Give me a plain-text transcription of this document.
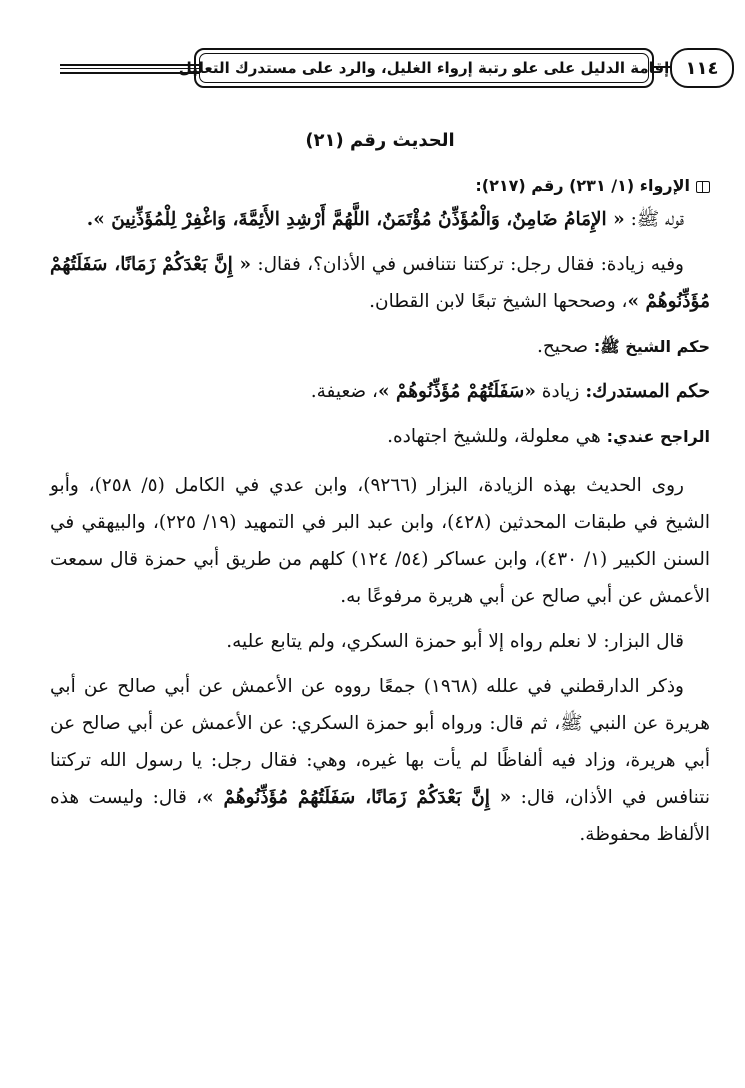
إقامة الدليل على علو رتبة إرواء الغليل، والرد على مستدرك التعليل ١١٤
الحديث رقم (٢١)

الإرواء (١/ ٢٣١) رقم (٢١٧):

قوله ﷺ: « الإِمَامُ ضَامِنٌ، وَالْمُؤَذِّنُ مُؤْتَمَنٌ، اللَّهُمَّ أَرْشِدِ الأَئِمَّةَ، وَاغْفِرْ لِلْمُؤَذِّنِينَ ».

وفيه زيادة: فقال رجل: تركتنا نتنافس في الأذان؟، فقال: « إِنَّ بَعْدَكُمْ زَمَانًا، سَفَلَتُهُمْ مُؤَذِّنُوهُمْ »، وصححها الشيخ تبعًا لابن القطان.

حكم الشيخ ﷺ: صحيح.

حكم المستدرك: زيادة «سَفَلَتُهُمْ مُؤَذِّنُوهُمْ »، ضعيفة.

الراجح عندي: هي معلولة، وللشيخ اجتهاده.

روى الحديث بهذه الزيادة، البزار (٩٢٦٦)، وابن عدي في الكامل (٥/ ٢٥٨)، وأبو الشيخ في طبقات المحدثين (٤٢٨)، وابن عبد البر في التمهيد (١٩/ ٢٢٥)، والبيهقي في السنن الكبير (١/ ٤٣٠)، وابن عساكر (٥٤/ ١٢٤) كلهم من طريق أبي حمزة قال سمعت الأعمش عن أبي صالح عن أبي هريرة مرفوعًا به.

قال البزار: لا نعلم رواه إلا أبو حمزة السكري، ولم يتابع عليه.

وذكر الدارقطني في علله (١٩٦٨) جمعًا رووه عن الأعمش عن أبي صالح عن أبي هريرة عن النبي ﷺ، ثم قال: ورواه أبو حمزة السكري: عن الأعمش عن أبي صالح عن أبي هريرة، وزاد فيه ألفاظًا لم يأت بها غيره، وهي: فقال رجل: يا رسول الله تركتنا نتنافس في الأذان، قال: « إِنَّ بَعْدَكُمْ زَمَانًا، سَفَلَتُهُمْ مُؤَذِّنُوهُمْ »، قال: وليست هذه الألفاظ محفوظة.
